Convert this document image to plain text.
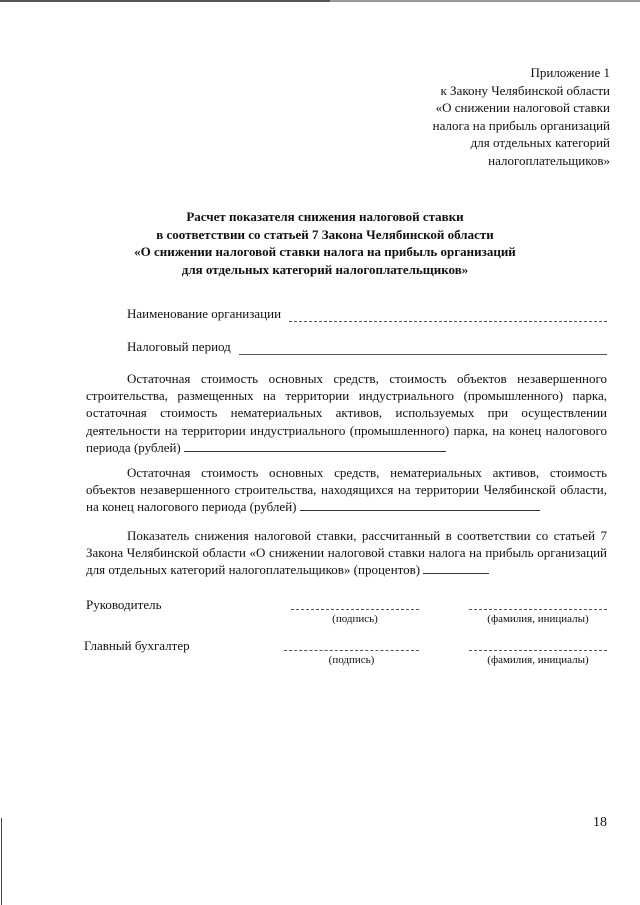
Приложение 1
к Закону Челябинской области
«О снижении налоговой ставки
налога на прибыль организаций
для отдельных категорий
налогоплательщиков»
Расчет показателя снижения налоговой ставки
в соответствии со статьей 7 Закона Челябинской области
«О снижении налоговой ставки налога на прибыль организаций
для отдельных категорий налогоплательщиков»
Наименование организации
Налоговый период
Остаточная стоимость основных средств, стоимость объектов незавершенного строительства, размещенных на территории индустриального (промышленного) парка, остаточная стоимость нематериальных активов, используемых при осуществлении деятельности на территории индустриального (промышленного) парка, на конец налогового периода (рублей)
Остаточная стоимость основных средств, нематериальных активов, стоимость объектов незавершенного строительства, находящихся на территории Челябинской области, на конец налогового периода (рублей)
Показатель снижения налоговой ставки, рассчитанный в соответствии со статьей 7 Закона Челябинской области «О снижении налоговой ставки налога на прибыль организаций для отдельных категорий налогоплательщиков» (процентов)
Руководитель
(подпись)	(фамилия, инициалы)
Главный бухгалтер
(подпись)	(фамилия, инициалы)
18
